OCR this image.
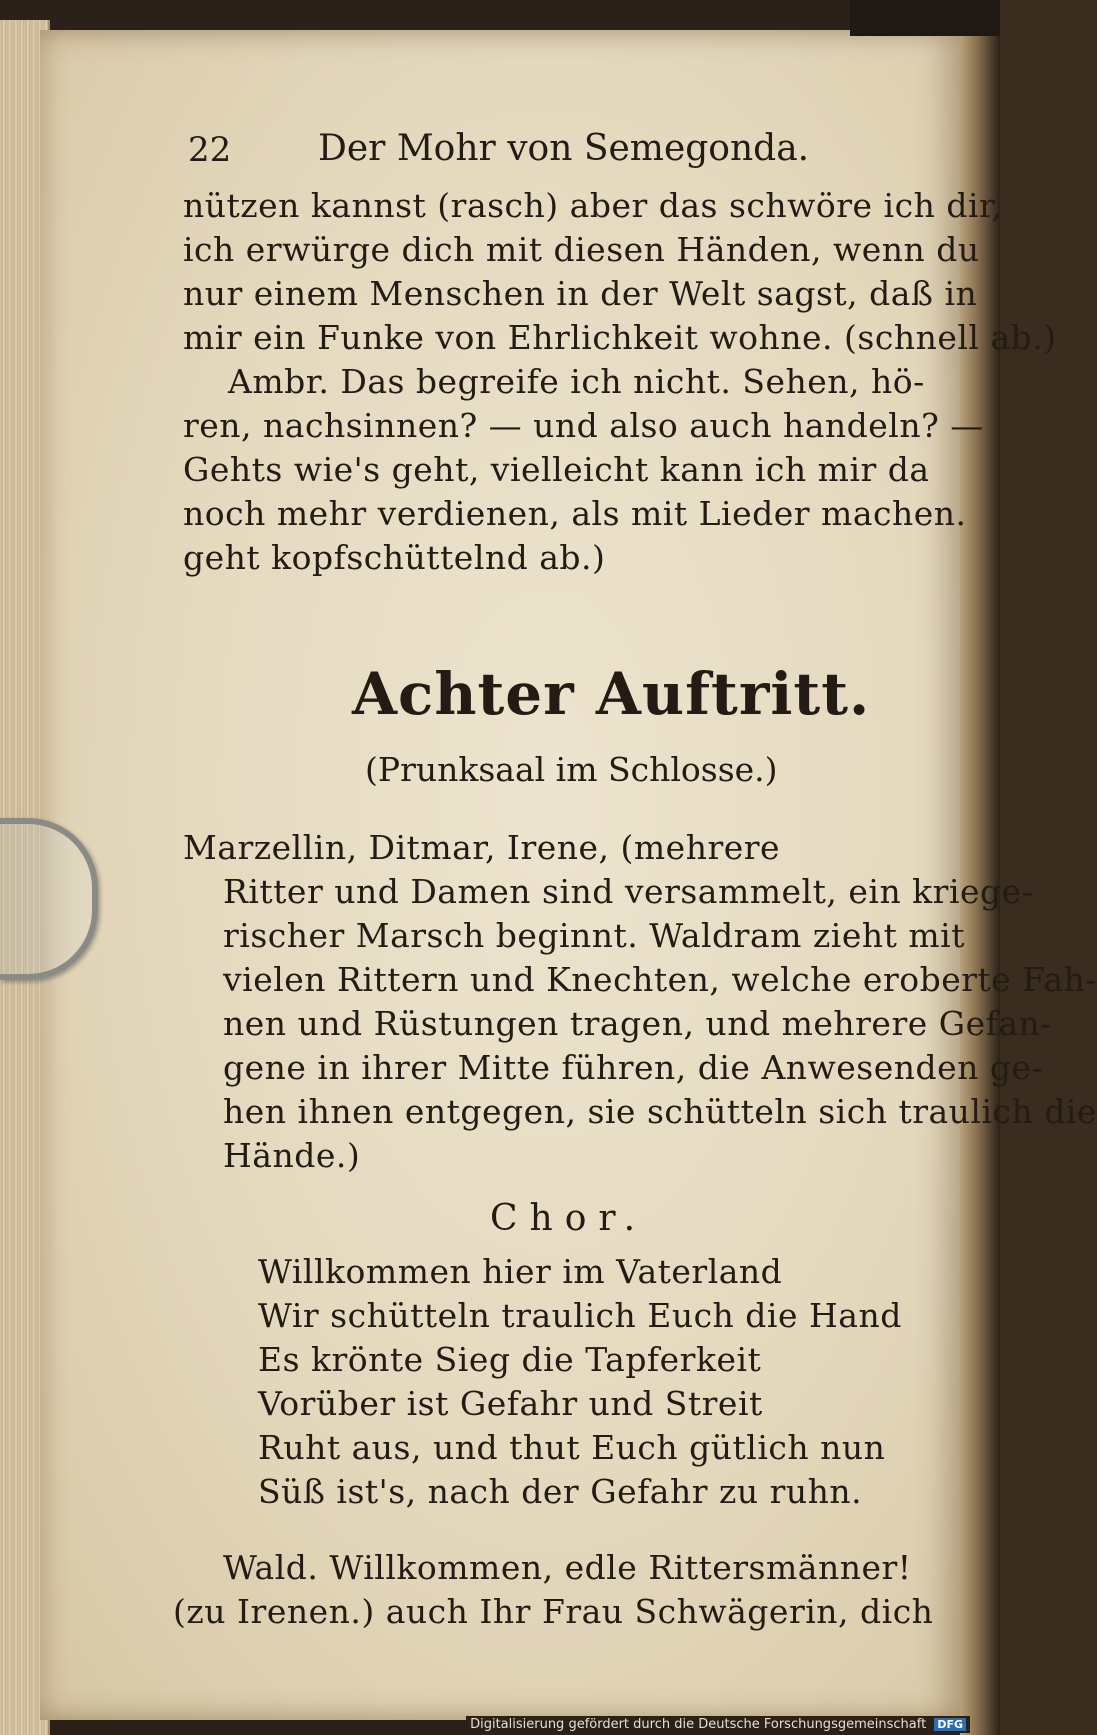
22 Der Mohr von Semegonda.
nützen kannst (rasch) aber das schwöre ich dir,
ich erwürge dich mit diesen Händen, wenn du
nur einem Menschen in der Welt sagst, daß in
mir ein Funke von Ehrlichkeit wohne. (schnell ab.)
Ambr. Das begreife ich nicht. Sehen, hö-
ren, nachsinnen? — und also auch handeln? —
Gehts wie's geht, vielleicht kann ich mir da
noch mehr verdienen, als mit Lieder machen.
geht kopfschüttelnd ab.)
Achter Auftritt.
(Prunksaal im Schlosse.)
Marzellin, Ditmar, Irene, (mehrere
Ritter und Damen sind versammelt, ein kriege-
rischer Marsch beginnt. Waldram zieht mit
vielen Rittern und Knechten, welche eroberte Fah-
nen und Rüstungen tragen, und mehrere Gefan-
gene in ihrer Mitte führen, die Anwesenden ge-
hen ihnen entgegen, sie schütteln sich traulich die
Hände.)
Chor.
Willkommen hier im Vaterland
Wir schütteln traulich Euch die Hand
Es krönte Sieg die Tapferkeit
Vorüber ist Gefahr und Streit
Ruht aus, und thut Euch gütlich nun
Süß ist's, nach der Gefahr zu ruhn.
Wald. Willkommen, edle Rittersmänner!
(zu Irenen.) auch Ihr Frau Schwägerin, dich
Digitalisierung gefördert durch die Deutsche Forschungsgemeinschaft DFG
